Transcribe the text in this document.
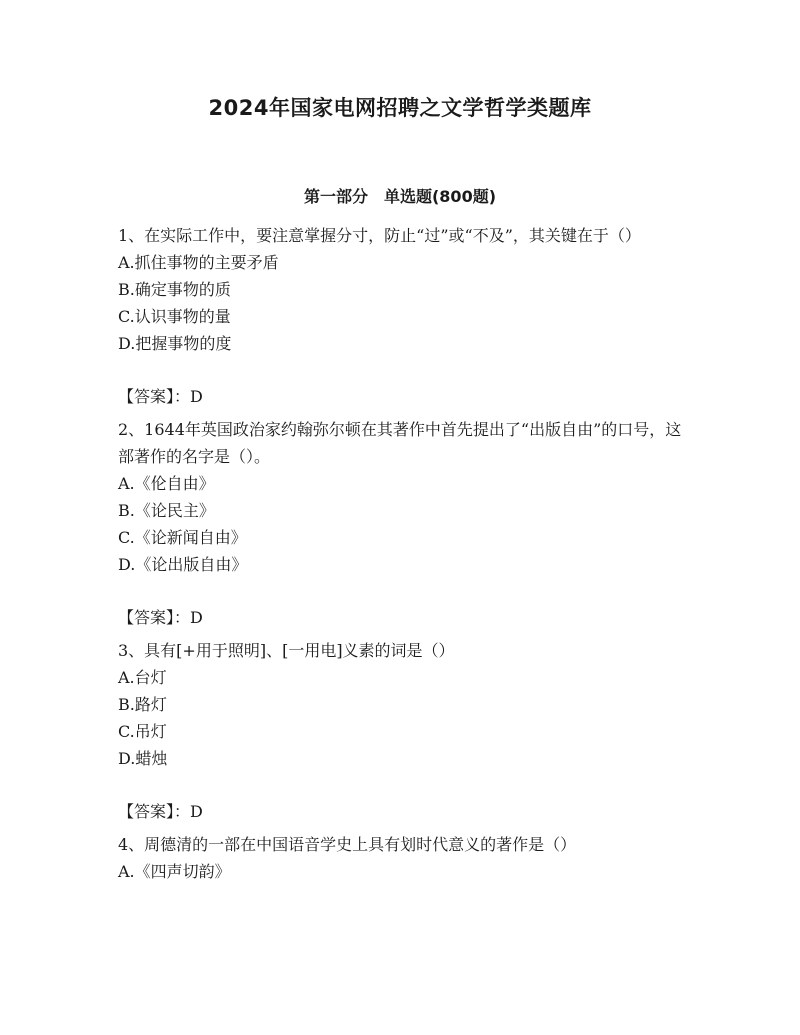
2024年国家电网招聘之文学哲学类题库
第一部分　单选题(800题)

1、在实际工作中，要注意掌握分寸，防止“过”或“不及”，其关键在于（）

A.抓住事物的主要矛盾
B.确定事物的质
C.认识事物的量
D.把握事物的度
【答案】：D

2、1644年英国政治家约翰弥尔顿在其著作中首先提出了“出版自由”的口号，这部著作的名字是（）。

A.《伦自由》
B.《论民主》
C.《论新闻自由》
D.《论出版自由》
【答案】：D

3、具有[+用于照明]、[一用电]义素的词是（）

A.台灯
B.路灯
C.吊灯
D.蜡烛
【答案】：D

4、周德清的一部在中国语音学史上具有划时代意义的著作是（）

A.《四声切韵》
